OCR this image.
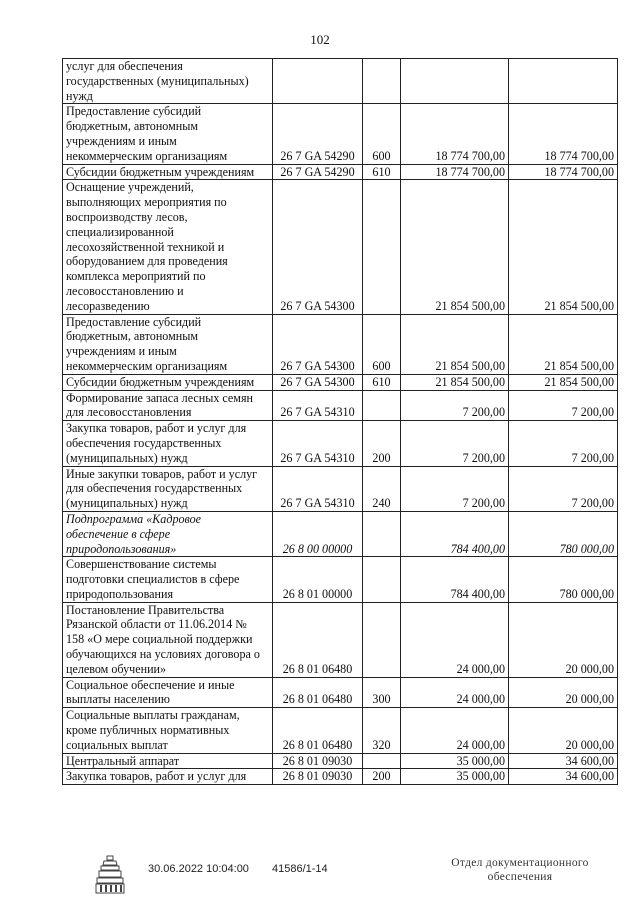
102
услуг для обеспечения государственных (муниципальных) нужд				
Предоставление субсидий бюджетным, автономным учреждениям и иным некоммерческим организациям	26 7 GA 54290	600	18 774 700,00	18 774 700,00
Субсидии бюджетным учреждениям	26 7 GA 54290	610	18 774 700,00	18 774 700,00
Оснащение учреждений, выполняющих мероприятия по воспроизводству лесов, специализированной лесохозяйственной техникой и оборудованием для проведения комплекса мероприятий по лесовосстановлению и лесоразведению	26 7 GA 54300		21 854 500,00	21 854 500,00
Предоставление субсидий бюджетным, автономным учреждениям и иным некоммерческим организациям	26 7 GA 54300	600	21 854 500,00	21 854 500,00
Субсидии бюджетным учреждениям	26 7 GA 54300	610	21 854 500,00	21 854 500,00
Формирование запаса лесных семян для лесовосстановления	26 7 GA 54310		7 200,00	7 200,00
Закупка товаров, работ и услуг для обеспечения государственных (муниципальных) нужд	26 7 GA 54310	200	7 200,00	7 200,00
Иные закупки товаров, работ и услуг для обеспечения государственных (муниципальных) нужд	26 7 GA 54310	240	7 200,00	7 200,00
Подпрограмма «Кадровое обеспечение в сфере природопользования»	26 8 00 00000		784 400,00	780 000,00
Совершенствование системы подготовки специалистов в сфере природопользования	26 8 01 00000		784 400,00	780 000,00
Постановление Правительства Рязанской области от 11.06.2014 № 158 «О мере социальной поддержки обучающихся на условиях договора о целевом обучении»	26 8 01 06480		24 000,00	20 000,00
Социальное обеспечение и иные выплаты населению	26 8 01 06480	300	24 000,00	20 000,00
Социальные выплаты гражданам, кроме публичных нормативных социальных выплат	26 8 01 06480	320	24 000,00	20 000,00
Центральный аппарат	26 8 01 09030		35 000,00	34 600,00
Закупка товаров, работ и услуг для	26 8 01 09030	200	35 000,00	34 600,00
30.06.2022 10:04:00 41586/1-14	Отдел документационного
обеспечения
